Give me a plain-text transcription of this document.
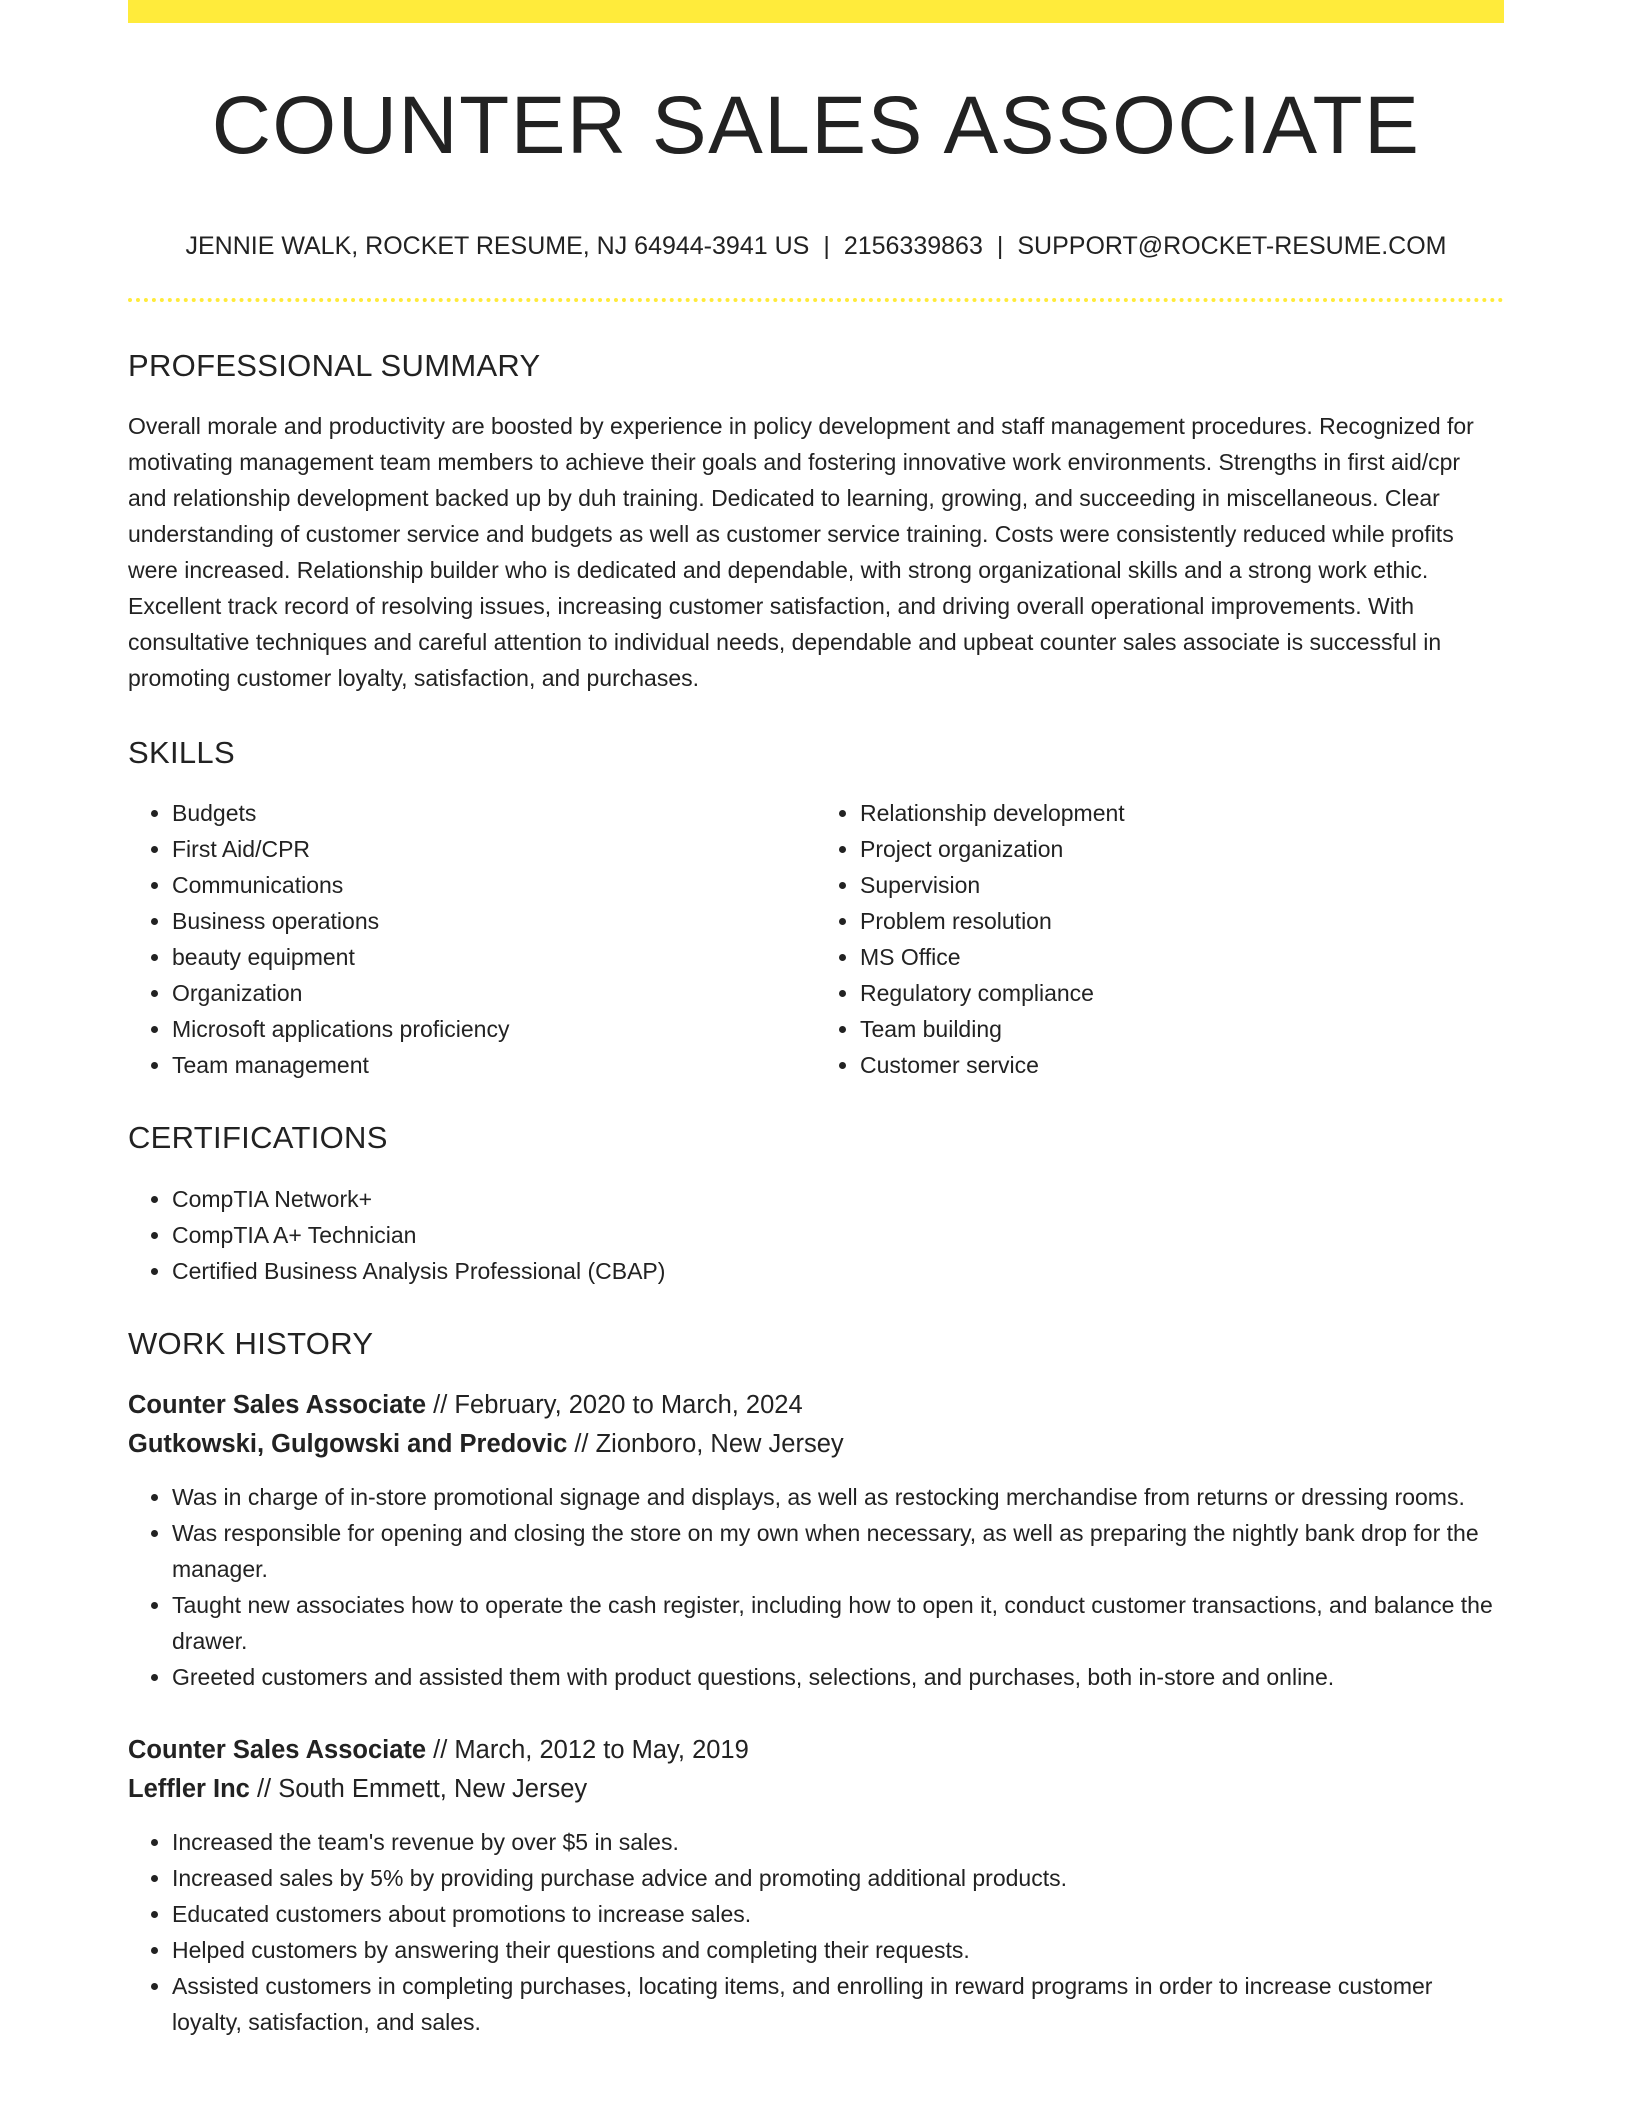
COUNTER SALES ASSOCIATE
JENNIE WALK, ROCKET RESUME, NJ 64944-3941 US | 2156339863 | SUPPORT@ROCKET-RESUME.COM
PROFESSIONAL SUMMARY

Overall morale and productivity are boosted by experience in policy development and staff management procedures. Recognized for motivating management team members to achieve their goals and fostering innovative work environments. Strengths in first aid/cpr and relationship development backed up by duh training. Dedicated to learning, growing, and succeeding in miscellaneous. Clear understanding of customer service and budgets as well as customer service training. Costs were consistently reduced while profits were increased. Relationship builder who is dedicated and dependable, with strong organizational skills and a strong work ethic. Excellent track record of resolving issues, increasing customer satisfaction, and driving overall operational improvements. With consultative techniques and careful attention to individual needs, dependable and upbeat counter sales associate is successful in promoting customer loyalty, satisfaction, and purchases.

SKILLS
• Budgets
• First Aid/CPR
• Communications
• Business operations
• beauty equipment
• Organization
• Microsoft applications proficiency
• Team management
• Relationship development
• Project organization
• Supervision
• Problem resolution
• MS Office
• Regulatory compliance
• Team building
• Customer service
CERTIFICATIONS
• CompTIA Network+
• CompTIA A+ Technician
• Certified Business Analysis Professional (CBAP)
WORK HISTORY
Counter Sales Associate // February, 2020 to March, 2024
Gutkowski, Gulgowski and Predovic // Zionboro, New Jersey
• Was in charge of in-store promotional signage and displays, as well as restocking merchandise from returns or dressing rooms.
• Was responsible for opening and closing the store on my own when necessary, as well as preparing the nightly bank drop for the manager.
• Taught new associates how to operate the cash register, including how to open it, conduct customer transactions, and balance the drawer.
• Greeted customers and assisted them with product questions, selections, and purchases, both in-store and online.
Counter Sales Associate // March, 2012 to May, 2019
Leffler Inc // South Emmett, New Jersey
• Increased the team's revenue by over $5 in sales.
• Increased sales by 5% by providing purchase advice and promoting additional products.
• Educated customers about promotions to increase sales.
• Helped customers by answering their questions and completing their requests.
• Assisted customers in completing purchases, locating items, and enrolling in reward programs in order to increase customer loyalty, satisfaction, and sales.
